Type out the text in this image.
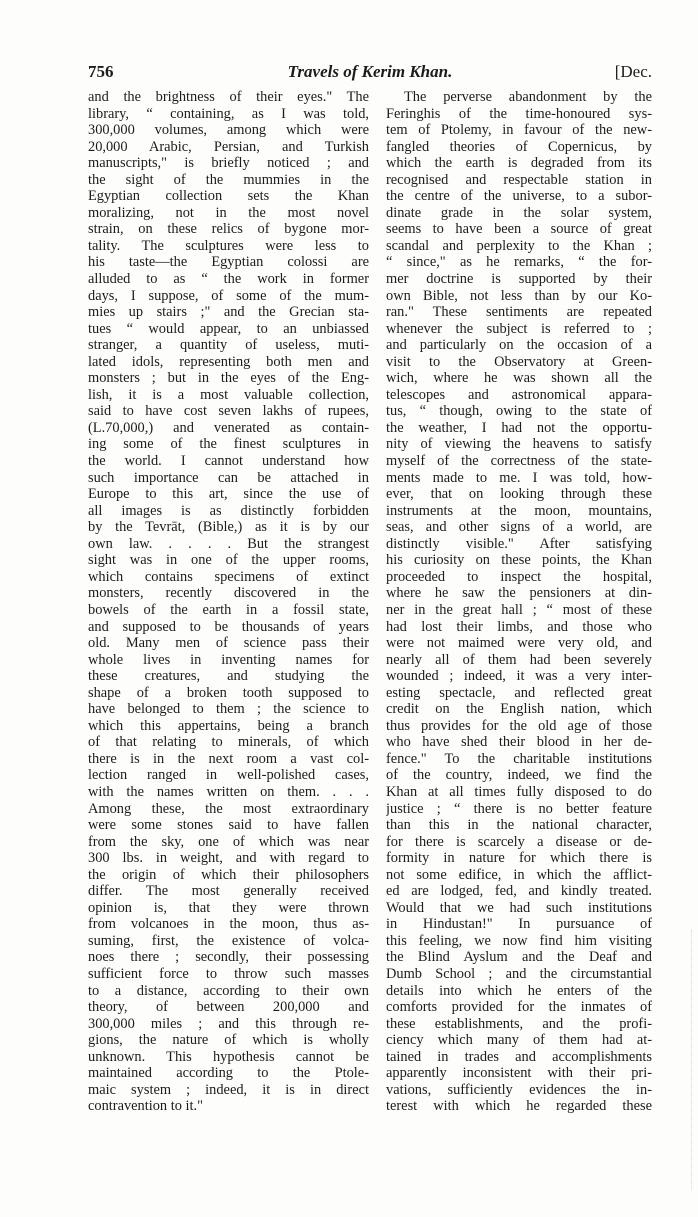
756	Travels of Kerim Khan.	[Dec.
and the brightness of their eyes." The
library, “ containing, as I was told,
300,000 volumes, among which were
20,000 Arabic, Persian, and Turkish
manuscripts," is briefly noticed ; and
the sight of the mummies in the
Egyptian collection sets the Khan
moralizing, not in the most novel
strain, on these relics of bygone mor-
tality. The sculptures were less to
his taste—the Egyptian colossi are
alluded to as “ the work in former
days, I suppose, of some of the mum-
mies up stairs ;" and the Grecian sta-
tues “ would appear, to an unbiassed
stranger, a quantity of useless, muti-
lated idols, representing both men and
monsters ; but in the eyes of the Eng-
lish, it is a most valuable collection,
said to have cost seven lakhs of rupees,
(L.70,000,) and venerated as contain-
ing some of the finest sculptures in
the world. I cannot understand how
such importance can be attached in
Europe to this art, since the use of
all images is as distinctly forbidden
by the Tevrāt, (Bible,) as it is by our
own law. . . . . But the strangest
sight was in one of the upper rooms,
which contains specimens of extinct
monsters, recently discovered in the
bowels of the earth in a fossil state,
and supposed to be thousands of years
old. Many men of science pass their
whole lives in inventing names for
these creatures, and studying the
shape of a broken tooth supposed to
have belonged to them ; the science to
which this appertains, being a branch
of that relating to minerals, of which
there is in the next room a vast col-
lection ranged in well-polished cases,
with the names written on them. . . .
Among these, the most extraordinary
were some stones said to have fallen
from the sky, one of which was near
300 lbs. in weight, and with regard to
the origin of which their philosophers
differ. The most generally received
opinion is, that they were thrown
from volcanoes in the moon, thus as-
suming, first, the existence of volca-
noes there ; secondly, their possessing
sufficient force to throw such masses
to a distance, according to their own
theory, of between 200,000 and
300,000 miles ; and this through re-
gions, the nature of which is wholly
unknown. This hypothesis cannot be
maintained according to the Ptole-
maic system ; indeed, it is in direct
contravention to it."
The perverse abandonment by the
Feringhis of the time-honoured sys-
tem of Ptolemy, in favour of the new-
fangled theories of Copernicus, by
which the earth is degraded from its
recognised and respectable station in
the centre of the universe, to a subor-
dinate grade in the solar system,
seems to have been a source of great
scandal and perplexity to the Khan ;
“ since," as he remarks, “ the for-
mer doctrine is supported by their
own Bible, not less than by our Ko-
ran." These sentiments are repeated
whenever the subject is referred to ;
and particularly on the occasion of a
visit to the Observatory at Green-
wich, where he was shown all the
telescopes and astronomical appara-
tus, “ though, owing to the state of
the weather, I had not the opportu-
nity of viewing the heavens to satisfy
myself of the correctness of the state-
ments made to me. I was told, how-
ever, that on looking through these
instruments at the moon, mountains,
seas, and other signs of a world, are
distinctly visible." After satisfying
his curiosity on these points, the Khan
proceeded to inspect the hospital,
where he saw the pensioners at din-
ner in the great hall ; “ most of these
had lost their limbs, and those who
were not maimed were very old, and
nearly all of them had been severely
wounded ; indeed, it was a very inter-
esting spectacle, and reflected great
credit on the English nation, which
thus provides for the old age of those
who have shed their blood in her de-
fence." To the charitable institutions
of the country, indeed, we find the
Khan at all times fully disposed to do
justice ; “ there is no better feature
than this in the national character,
for there is scarcely a disease or de-
formity in nature for which there is
not some edifice, in which the afflict-
ed are lodged, fed, and kindly treated.
Would that we had such institutions
in Hindustan!" In pursuance of
this feeling, we now find him visiting
the Blind Ayslum and the Deaf and
Dumb School ; and the circumstantial
details into which he enters of the
comforts provided for the inmates of
these establishments, and the profi-
ciency which many of them had at-
tained in trades and accomplishments
apparently inconsistent with their pri-
vations, sufficiently evidences the in-
terest with which he regarded these
